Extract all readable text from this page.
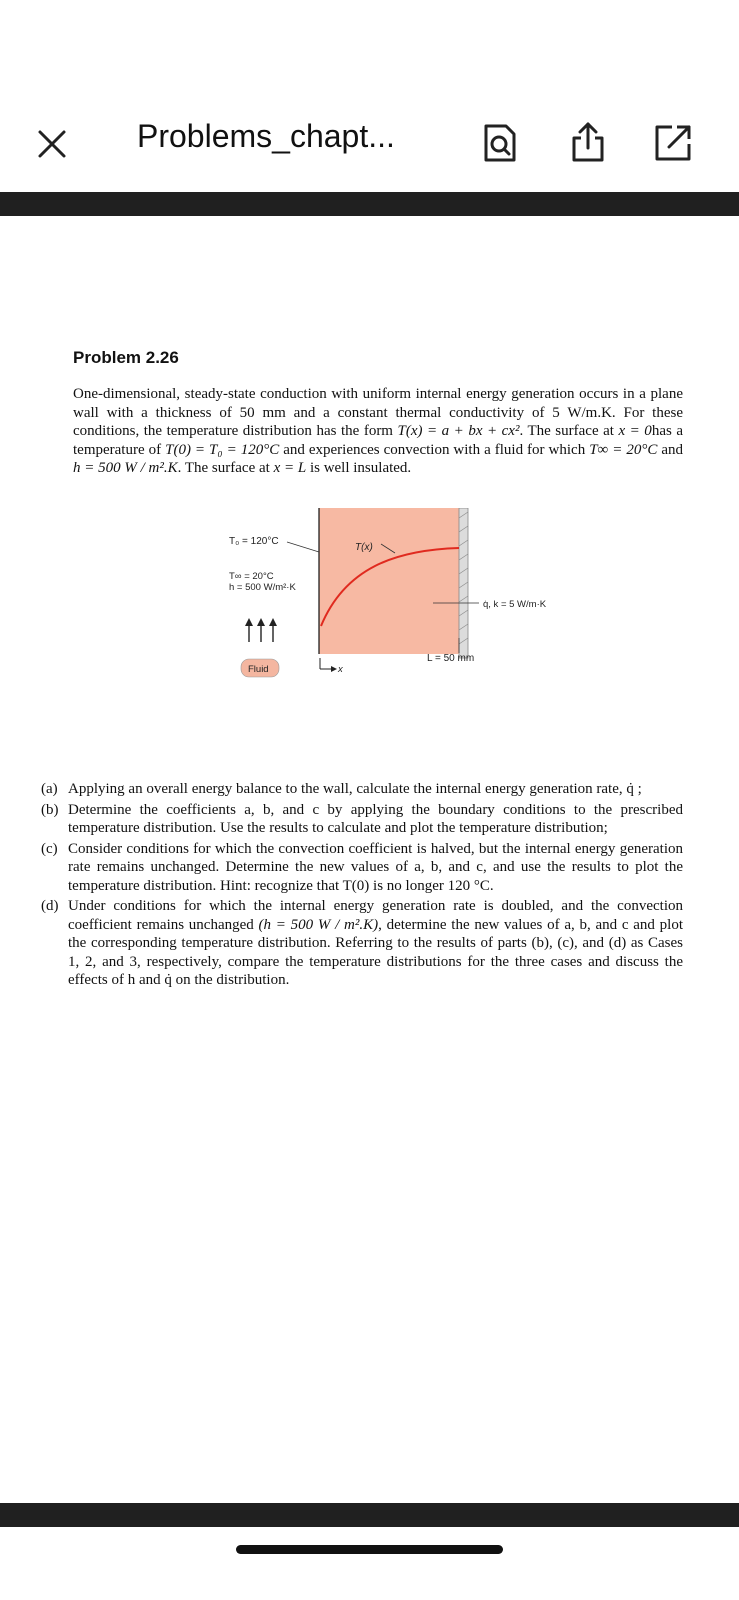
Problems_chapt...
Problem 2.26

One-dimensional, steady-state conduction with uniform internal energy generation occurs in a plane wall with a thickness of 50 mm and a constant thermal conductivity of 5 W/m.K. For these conditions, the temperature distribution has the form T(x) = a + bx + cx². The surface at x = 0has a temperature of T(0) = T₀ = 120°C and experiences convection with a fluid for which T∞ = 20°C and h = 500 W / m².K. The surface at x = L is well insulated.

T₀ = 120°C
T(x)
T∞ = 20°C
h = 500 W/m²·K
q̇, k = 5 W/m·K
Fluid	x
L = 50 mm
(a) Applying an overall energy balance to the wall, calculate the internal energy generation rate, q̇ ;
(b) Determine the coefficients a, b, and c by applying the boundary conditions to the prescribed temperature distribution. Use the results to calculate and plot the temperature distribution;
(c) Consider conditions for which the convection coefficient is halved, but the internal energy generation rate remains unchanged. Determine the new values of a, b, and c, and use the results to plot the temperature distribution. Hint: recognize that T(0) is no longer 120 °C.
(d) Under conditions for which the internal energy generation rate is doubled, and the convection coefficient remains unchanged (h = 500 W / m².K), determine the new values of a, b, and c and plot the corresponding temperature distribution. Referring to the results of parts (b), (c), and (d) as Cases 1, 2, and 3, respectively, compare the temperature distributions for the three cases and discuss the effects of h and q̇ on the distribution.
